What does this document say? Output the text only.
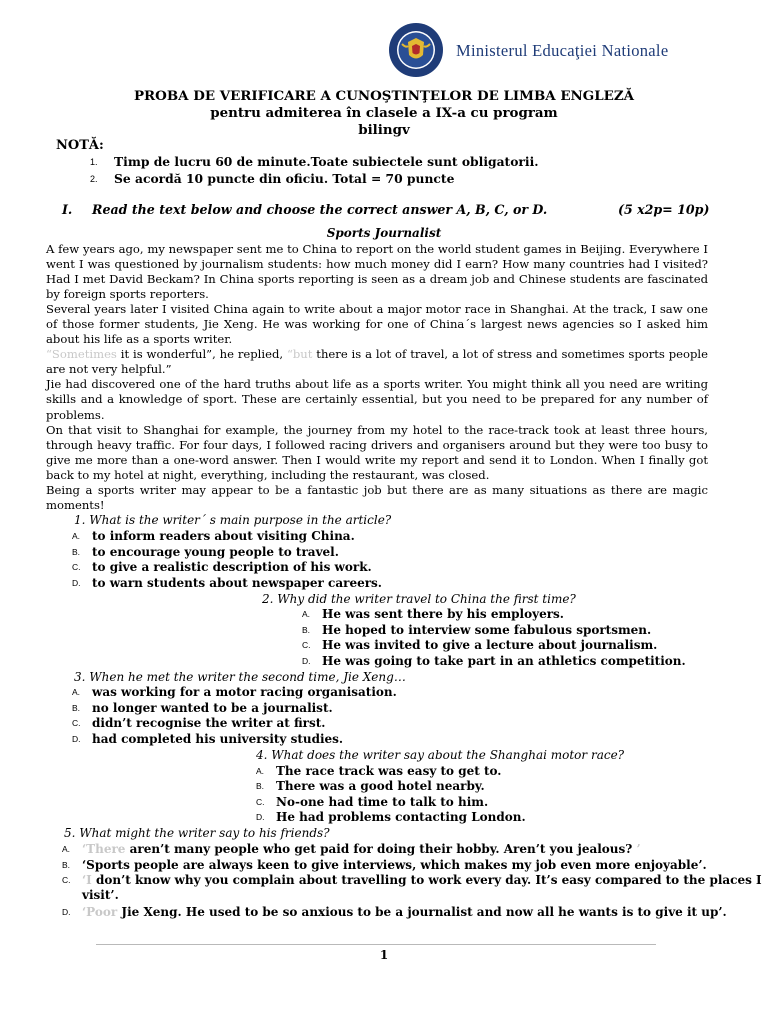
Ministerul Educaţiei Nationale
PROBA DE VERIFICARE A CUNOŞTINŢELOR DE LIMBA ENGLEZĂ
pentru admiterea în clasele a IX-a cu program
bilingv
NOTĂ:
1. Timp de lucru 60 de minute.Toate subiectele sunt obligatorii.
2. Se acordă 10 puncte din oficiu. Total = 70 puncte
I. Read the text below and choose the correct answer A, B, C, or D.	(5 x2p= 10p)
Sports Journalist

A few years ago, my newspaper sent me to China to report on the world student games in Beijing. Everywhere I went I was questioned by journalism students: how much money did I earn? How many countries had I visited? Had I met David Beckam? In China sports reporting is seen as a dream job and Chinese students are fascinated by foreign sports reporters.

Several years later I visited China again to write about a major motor race in Shanghai. At the track, I saw one of those former students, Jie Xeng. He was working for one of China´s largest news agencies so I asked him about his life as a sports writer.

“Sometimes it is wonderful”, he replied, “but there is a lot of travel, a lot of stress and sometimes sports people are not very helpful.”

Jie had discovered one of the hard truths about life as a sports writer. You might think all you need are writing skills and a knowledge of sport. These are certainly essential, but you need to be prepared for any number of problems.

On that visit to Shanghai for example, the journey from my hotel to the race-track took at least three hours, through heavy traffic. For four days, I followed racing drivers and organisers around but they were too busy to give me more than a one-word answer. Then I would write my report and send it to London. When I finally got back to my hotel at night, everything, including the restaurant, was closed.

Being a sports writer may appear to be a fantastic job but there are as many situations as there are magic moments!

1. What is the writer´ s main purpose in the article?
A. to inform readers about visiting China.
B. to encourage young people to travel.
C. to give a realistic description of his work.
D. to warn students about newspaper careers.
2. Why did the writer travel to China the first time?
A. He was sent there by his employers.
B. He hoped to interview some fabulous sportsmen.
C. He was invited to give a lecture about journalism.
D. He was going to take part in an athletics competition.
3. When he met the writer the second time, Jie Xeng…
A. was working for a motor racing organisation.
B. no longer wanted to be a journalist.
C. didn’t recognise the writer at first.
D. had completed his university studies.
4. What does the writer say about the Shanghai motor race?
A. The race track was easy to get to.
B. There was a good hotel nearby.
C. No-one had time to talk to him.
D. He had problems contacting London.
5. What might the writer say to his friends?
A. ‘There aren’t many people who get paid for doing their hobby. Aren’t you jealous? ’
B. ‘Sports people are always keen to give interviews, which makes my job even more enjoyable’.
C. ‘I don’t know why you complain about travelling to work every day. It’s easy compared to the places I
visit’.
D. ‘Poor Jie Xeng. He used to be so anxious to be a journalist and now all he wants is to give it up’.
1
